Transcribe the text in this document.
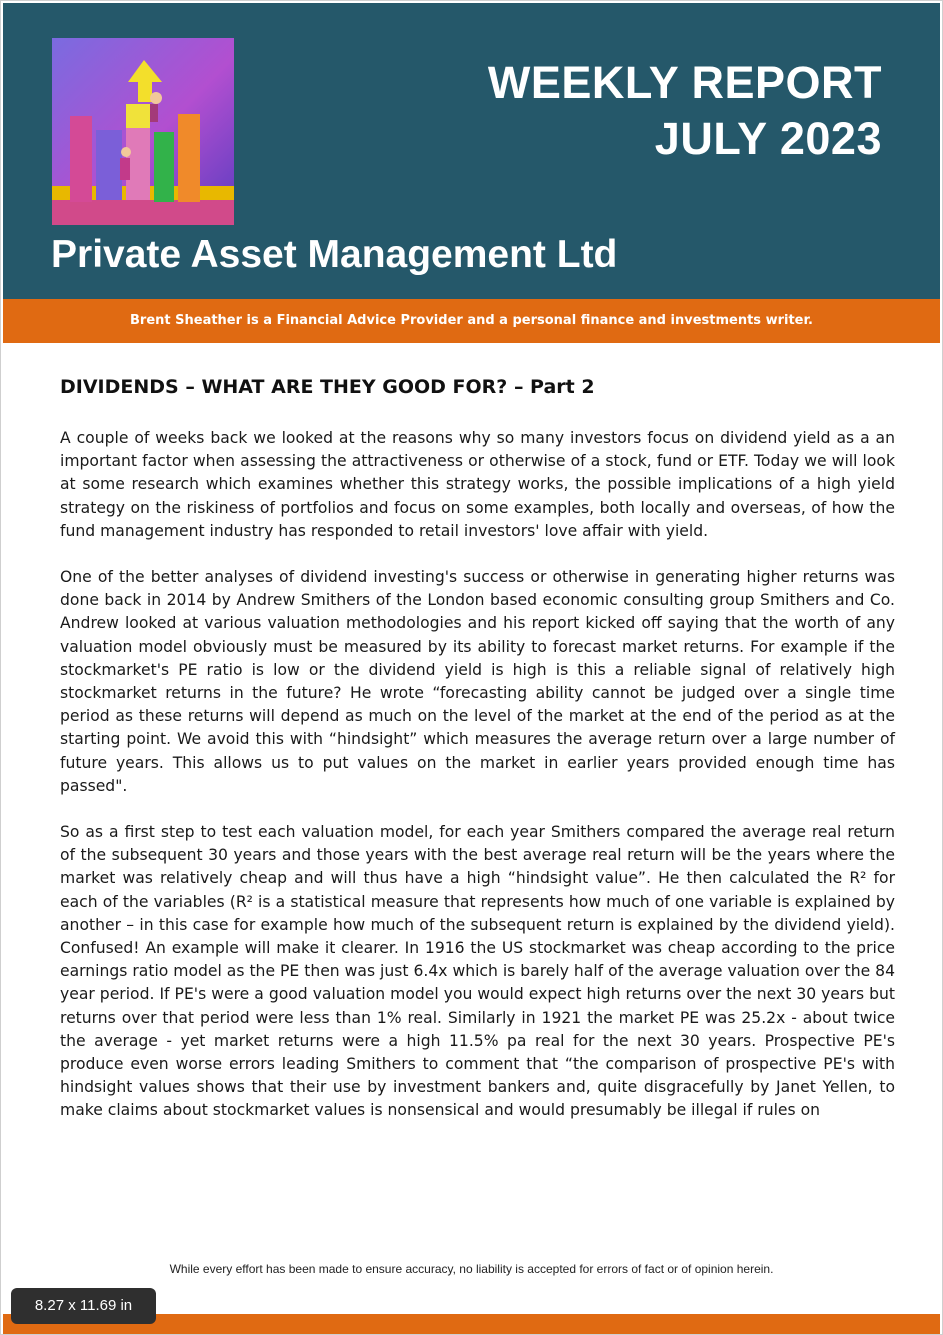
WEEKLY REPORT
JULY 2023
Private Asset Management Ltd
Brent Sheather is a Financial Advice Provider and a personal finance and investments writer.
DIVIDENDS – WHAT ARE THEY GOOD FOR? – Part 2

A couple of weeks back we looked at the reasons why so many investors focus on dividend yield as a an important factor when assessing the attractiveness or otherwise of a stock, fund or ETF. Today we will look at some research which examines whether this strategy works, the possible implications of a high yield strategy on the riskiness of portfolios and focus on some examples, both locally and overseas, of how the fund management industry has responded to retail investors' love affair with yield.

One of the better analyses of dividend investing's success or otherwise in generating higher returns was done back in 2014 by Andrew Smithers of the London based economic consulting group Smithers and Co. Andrew looked at various valuation methodologies and his report kicked off saying that the worth of any valuation model obviously must be measured by its ability to forecast market returns. For example if the stockmarket's PE ratio is low or the dividend yield is high is this a reliable signal of relatively high stockmarket returns in the future? He wrote “forecasting ability cannot be judged over a single time period as these returns will depend as much on the level of the market at the end of the period as at the starting point. We avoid this with “hindsight” which measures the average return over a large number of future years. This allows us to put values on the market in earlier years provided enough time has passed".

So as a first step to test each valuation model, for each year Smithers compared the average real return of the subsequent 30 years and those years with the best average real return will be the years where the market was relatively cheap and will thus have a high “hindsight value”. He then calculated the R² for each of the variables (R² is a statistical measure that represents how much of one variable is explained by another – in this case for example how much of the subsequent return is explained by the dividend yield). Confused! An example will make it clearer. In 1916 the US stockmarket was cheap according to the price earnings ratio model as the PE then was just 6.4x which is barely half of the average valuation over the 84 year period. If PE's were a good valuation model you would expect high returns over the next 30 years but returns over that period were less than 1% real. Similarly in 1921 the market PE was 25.2x - about twice the average - yet market returns were a high 11.5% pa real for the next 30 years. Prospective PE's produce even worse errors leading Smithers to comment that “the comparison of prospective PE's with hindsight values shows that their use by investment bankers and, quite disgracefully by Janet Yellen, to make claims about stockmarket values is nonsensical and would presumably be illegal if rules on

While every effort has been made to ensure accuracy, no liability is accepted for errors of fact or of opinion herein.
8.27 x 11.69 in
